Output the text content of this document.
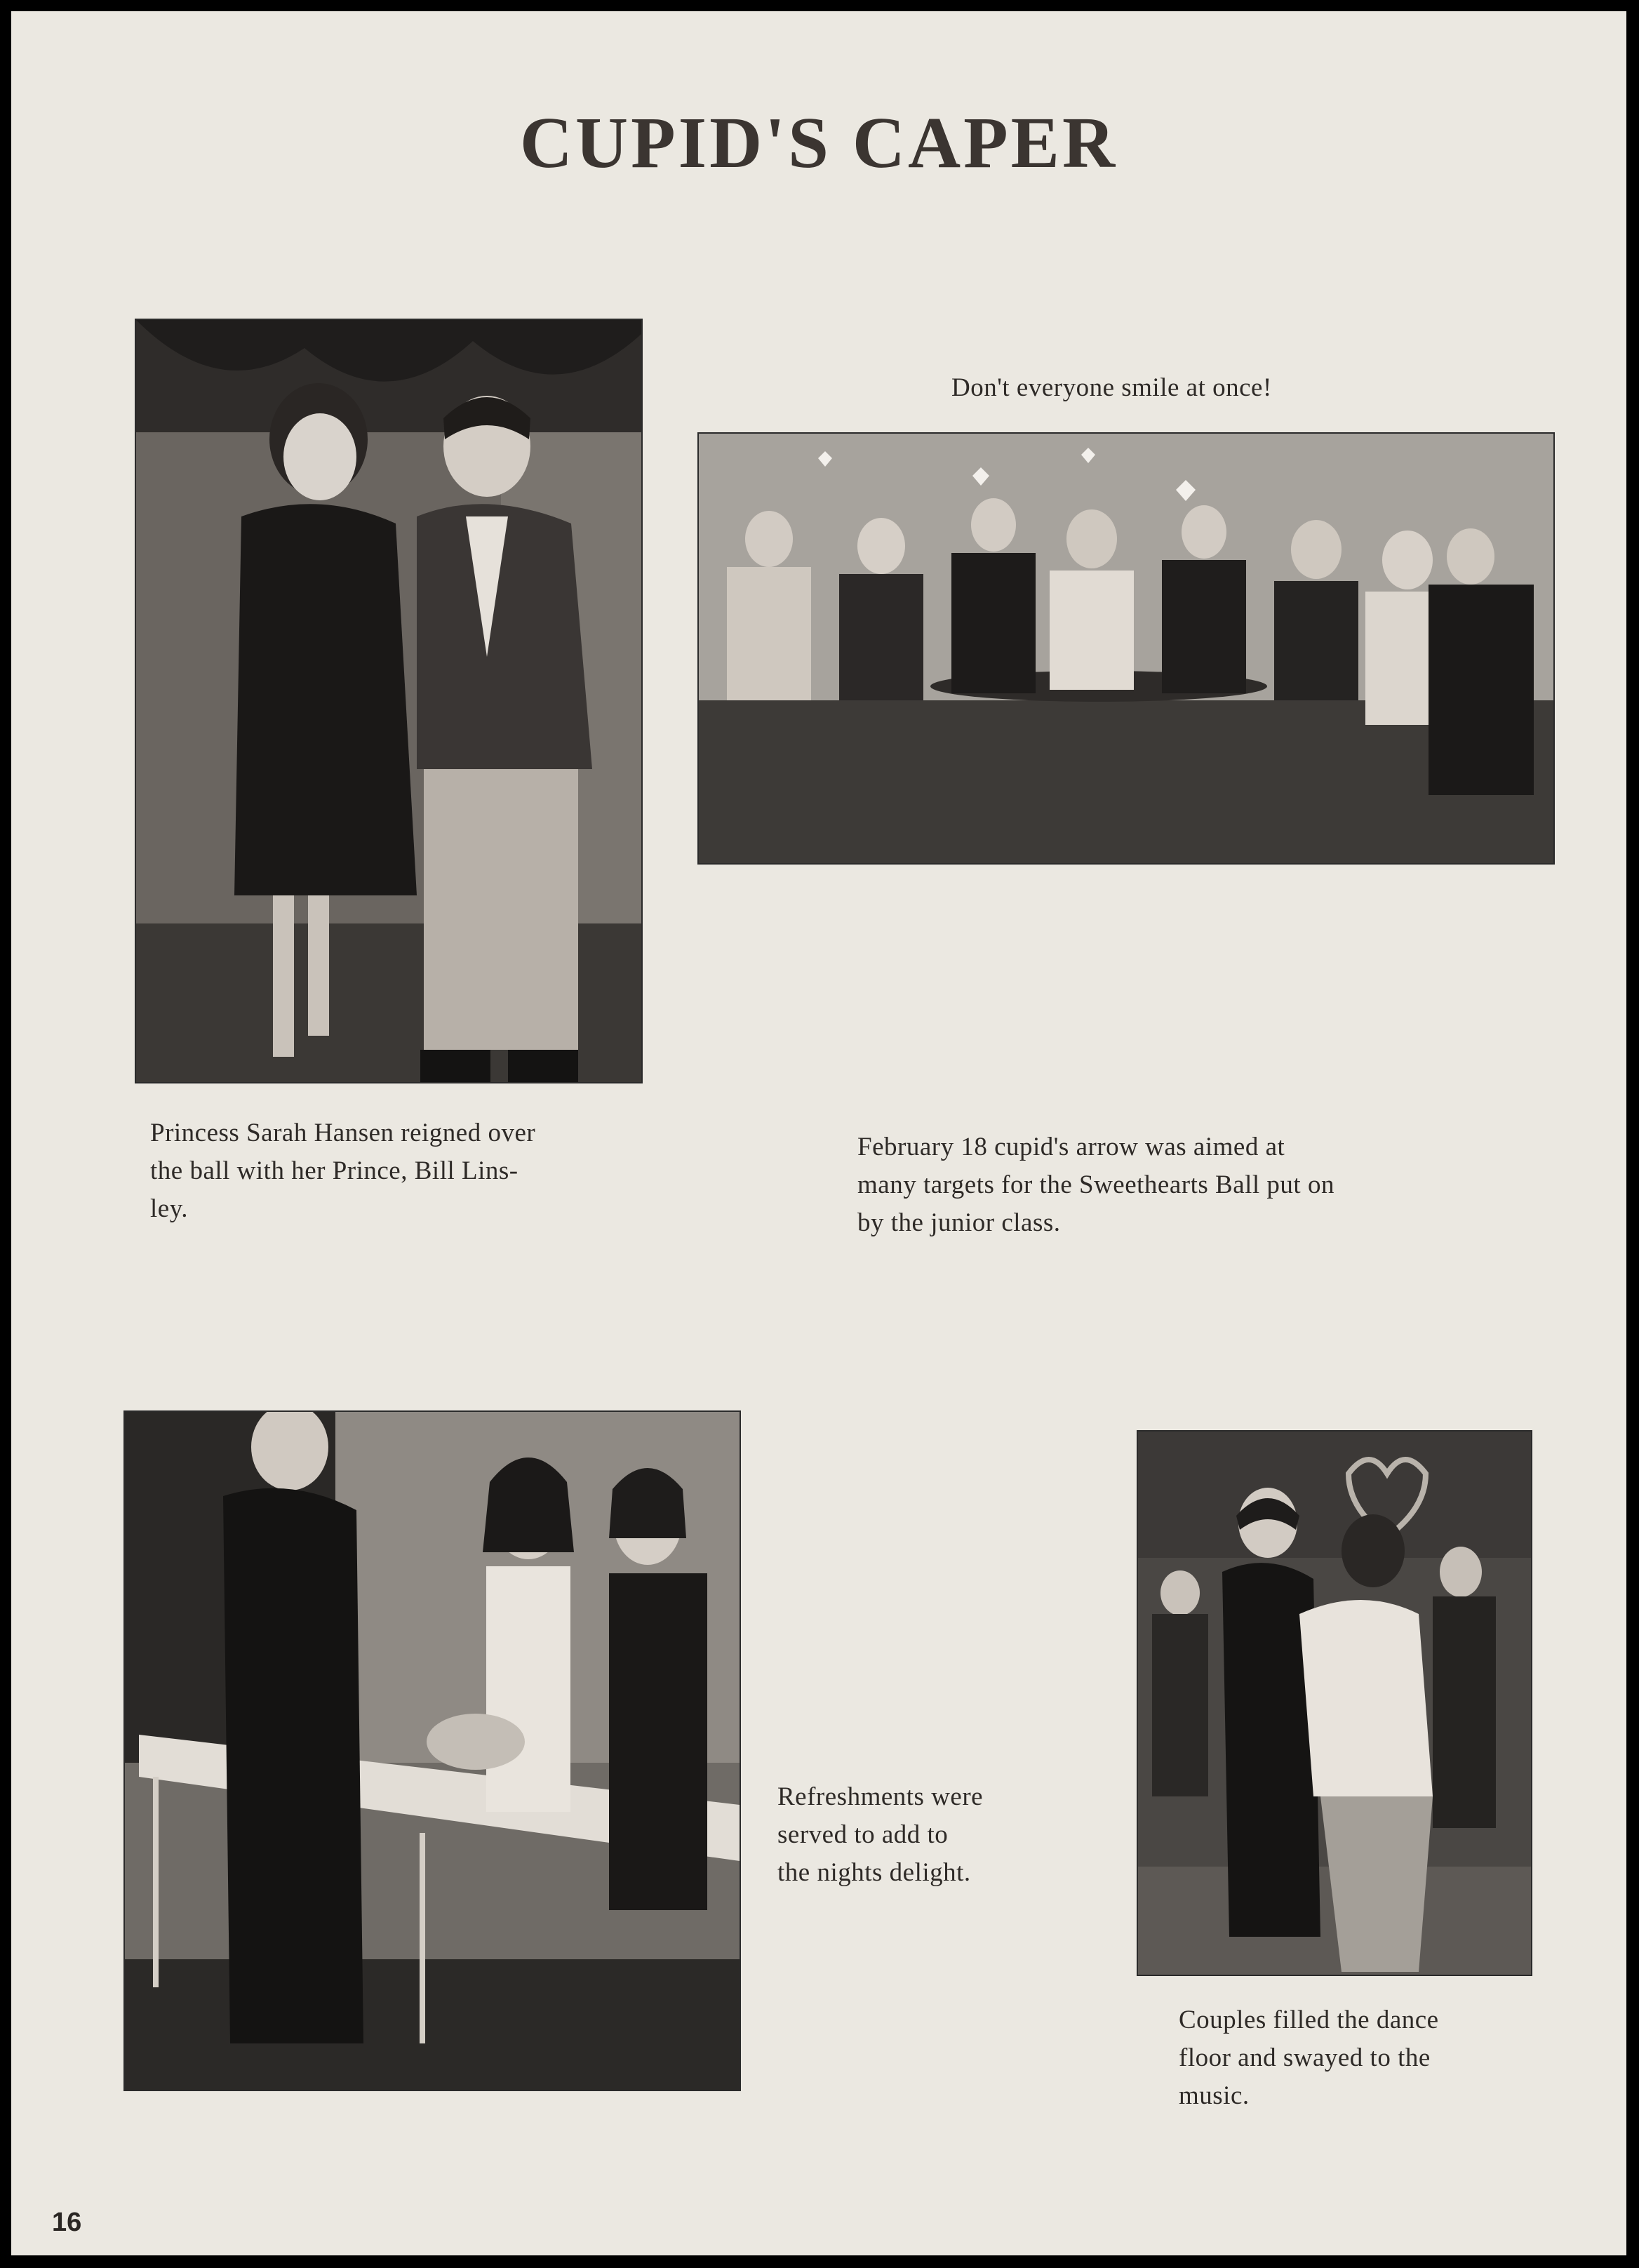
CUPID'S CAPER
Don't everyone smile at once!
Princess Sarah Hansen reigned over
the ball with her Prince, Bill Lins-
ley.
February 18 cupid's arrow was aimed at
many targets for the Sweethearts Ball put on
by the junior class.
Refreshments were
served to add to
the nights delight.
Couples filled the dance
floor and swayed to the
music.
16
